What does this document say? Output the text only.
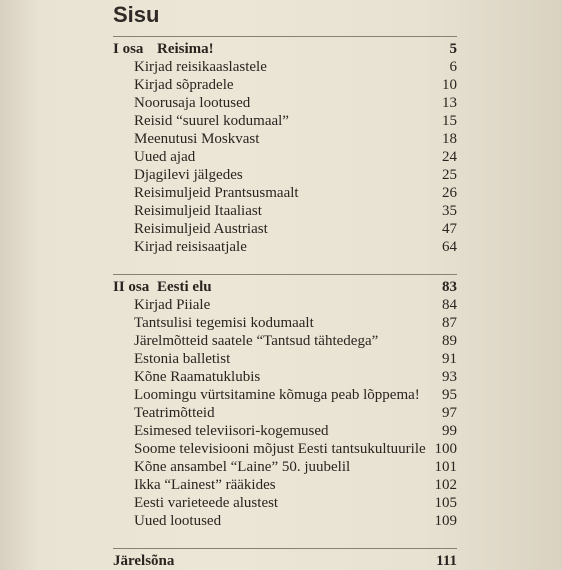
Sisu
I osa Reisima!	5
Kirjad reisikaaslastele	6
Kirjad sõpradele	10
Noorusaja lootused	13
Reisid “suurel kodumaal”	15
Meenutusi Moskvast	18
Uued ajad	24
Djagilevi jälgedes	25
Reisimuljeid Prantsusmaalt	26
Reisimuljeid Itaaliast	35
Reisimuljeid Austriast	47
Kirjad reisisaatjale	64
II osa Eesti elu	83
Kirjad Piiale	84
Tantsulisi tegemisi kodumaalt	87
Järelmõtteid saatele “Tantsud tähtedega”	89
Estonia balletist	91
Kõne Raamatuklubis	93
Loomingu vürtsitamine kõmuga peab lõppema!	95
Teatrimõtteid	97
Esimesed televiisori-kogemused	99
Soome televisiooni mõjust Eesti tantsukultuurile 100
Kõne ansambel “Laine” 50. juubelil	101
Ikka “Lainest” rääkides	102
Eesti varieteede alustest	105
Uued lootused	109
Järelsõna	111
